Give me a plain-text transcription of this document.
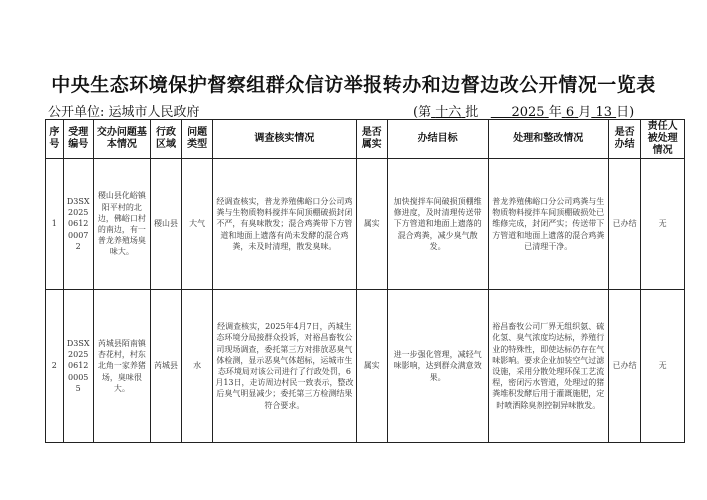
中央生态环境保护督察组群众信访举报转办和边督边改公开情况一览表
公开单位: 运城市人民政府	(第 十六 批	2025 年 6 月 13 日)
序号	受理编号	交办问题基本情况	行政区域	问题类型	调查核实情况	是否属实	办结目标	处理和整改情况	是否办结	责任人被处理情况
1	D3SX2025061200072	稷山县化峪镇阳平村的北边，佛峪口村的南边，有一普龙养殖场臭味大。	稷山县	大气	经调查核实，普龙养殖佛峪口分公司鸡粪与生物质物料搅拌车间顶棚破损封闭不严，有臭味散发；混合鸡粪带下方管道和地面上遗落有尚未发酵的混合鸡粪，未及时清理，散发臭味。	属实	加快搅拌车间破损顶棚维修进度，及时清理传送带下方管道和地面上遗落的混合鸡粪，减少臭气散发。	普龙养殖佛峪口分公司鸡粪与生物质物料搅拌车间顶棚破损处已维修完成，封闭严实；传送带下方管道和地面上遗落的混合鸡粪已清理干净。	已办结	无
2	D3SX2025061200055	芮城县陌南镇杏花村，村东北角一家养猪场，臭味很大。	芮城县	水	经调查核实，2025年4月7日，芮城生态环境分局接群众投诉，对裕昌畜牧公司现场调查，委托第三方对排放恶臭气体检测，显示恶臭气体超标，运城市生态环境局对该公司进行了行政处罚，6月13日，走访周边村民一致表示，整改后臭气明显减少；委托第三方检测结果符合要求。	属实	进一步强化管理，减轻气味影响，达到群众满意效果。	裕昌畜牧公司厂界无组织氨、硫化氢、臭气浓度均达标，养殖行业的特殊性，即使达标仍存在气味影响。要求企业加装空气过滤设施，采用分散处理环保工艺流程，密闭污水管道，处理过的猪粪堆积发酵后用于灌溉施肥，定时喷洒除臭剂控制异味散发。	已办结	无
